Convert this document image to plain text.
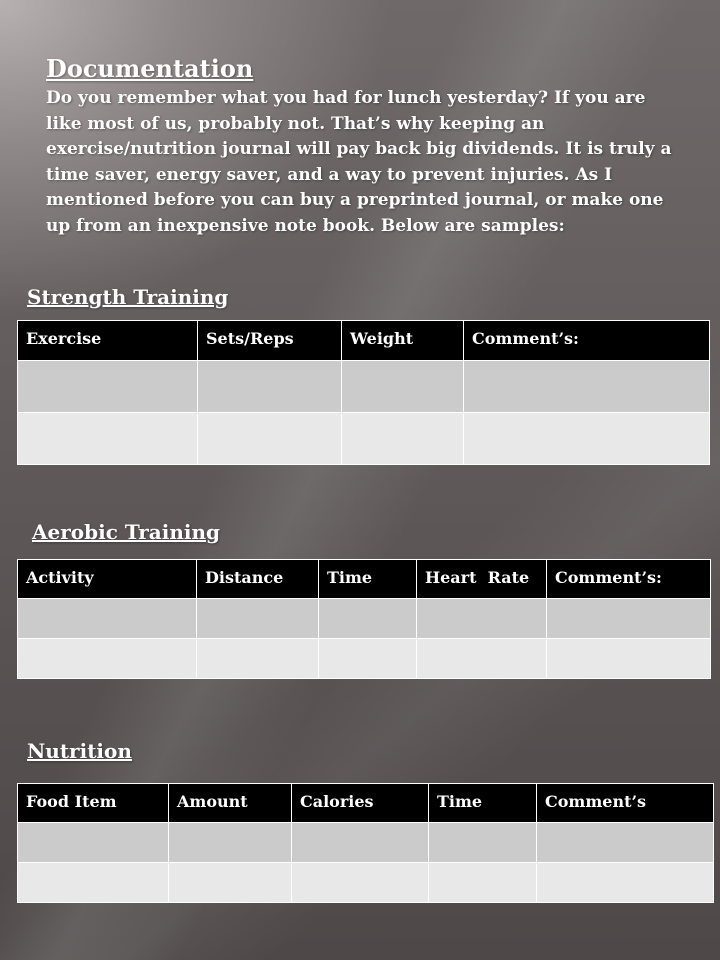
Documentation

Do you remember what you had for lunch yesterday? If you are like most of us, probably not. That’s why keeping an exercise/nutrition journal will pay back big dividends. It is truly a time saver, energy saver, and a way to prevent injuries. As I mentioned before you can buy a preprinted journal, or make one up from an inexpensive note book. Below are samples:

Strength Training
Exercise	Sets/Reps	Weight	Comment’s:

Aerobic Training
Activity	Distance	Time	Heart  Rate	Comment’s:

Nutrition
Food Item	Amount	Calories	Time	Comment’s
